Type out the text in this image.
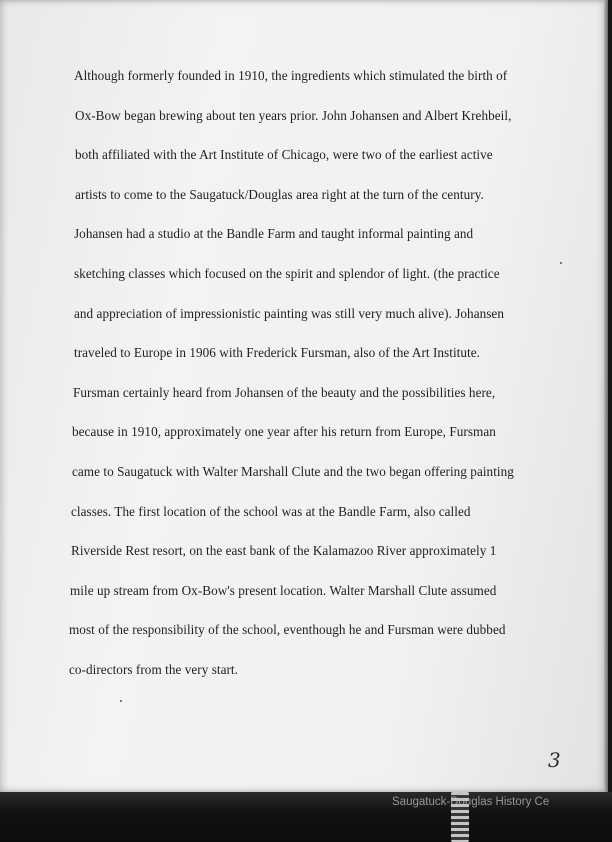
Although formerly founded in 1910, the ingredients which stimulated the birth of
Ox-Bow began brewing about ten years prior. John Johansen and Albert Krehbeil,
both affiliated with the Art Institute of Chicago, were two of the earliest active
artists to come to the Saugatuck/Douglas area right at the turn of the century.
Johansen had a studio at the Bandle Farm and taught informal painting and
sketching classes which focused on the spirit and splendor of light. (the practice
and appreciation of impressionistic painting was still very much alive). Johansen
traveled to Europe in 1906 with Frederick Fursman, also of the Art Institute.
Fursman certainly heard from Johansen of the beauty and the possibilities here,
because in 1910, approximately one year after his return from Europe, Fursman
came to Saugatuck with Walter Marshall Clute and the two began offering painting
classes. The first location of the school was at the Bandle Farm, also called
Riverside Rest resort, on the east bank of the Kalamazoo River approximately 1
mile up stream from Ox-Bow's present location. Walter Marshall Clute assumed
most of the responsibility of the school, eventhough he and Fursman were dubbed
co-directors from the very start.
3
Saugatuck-Douglas History Ce
